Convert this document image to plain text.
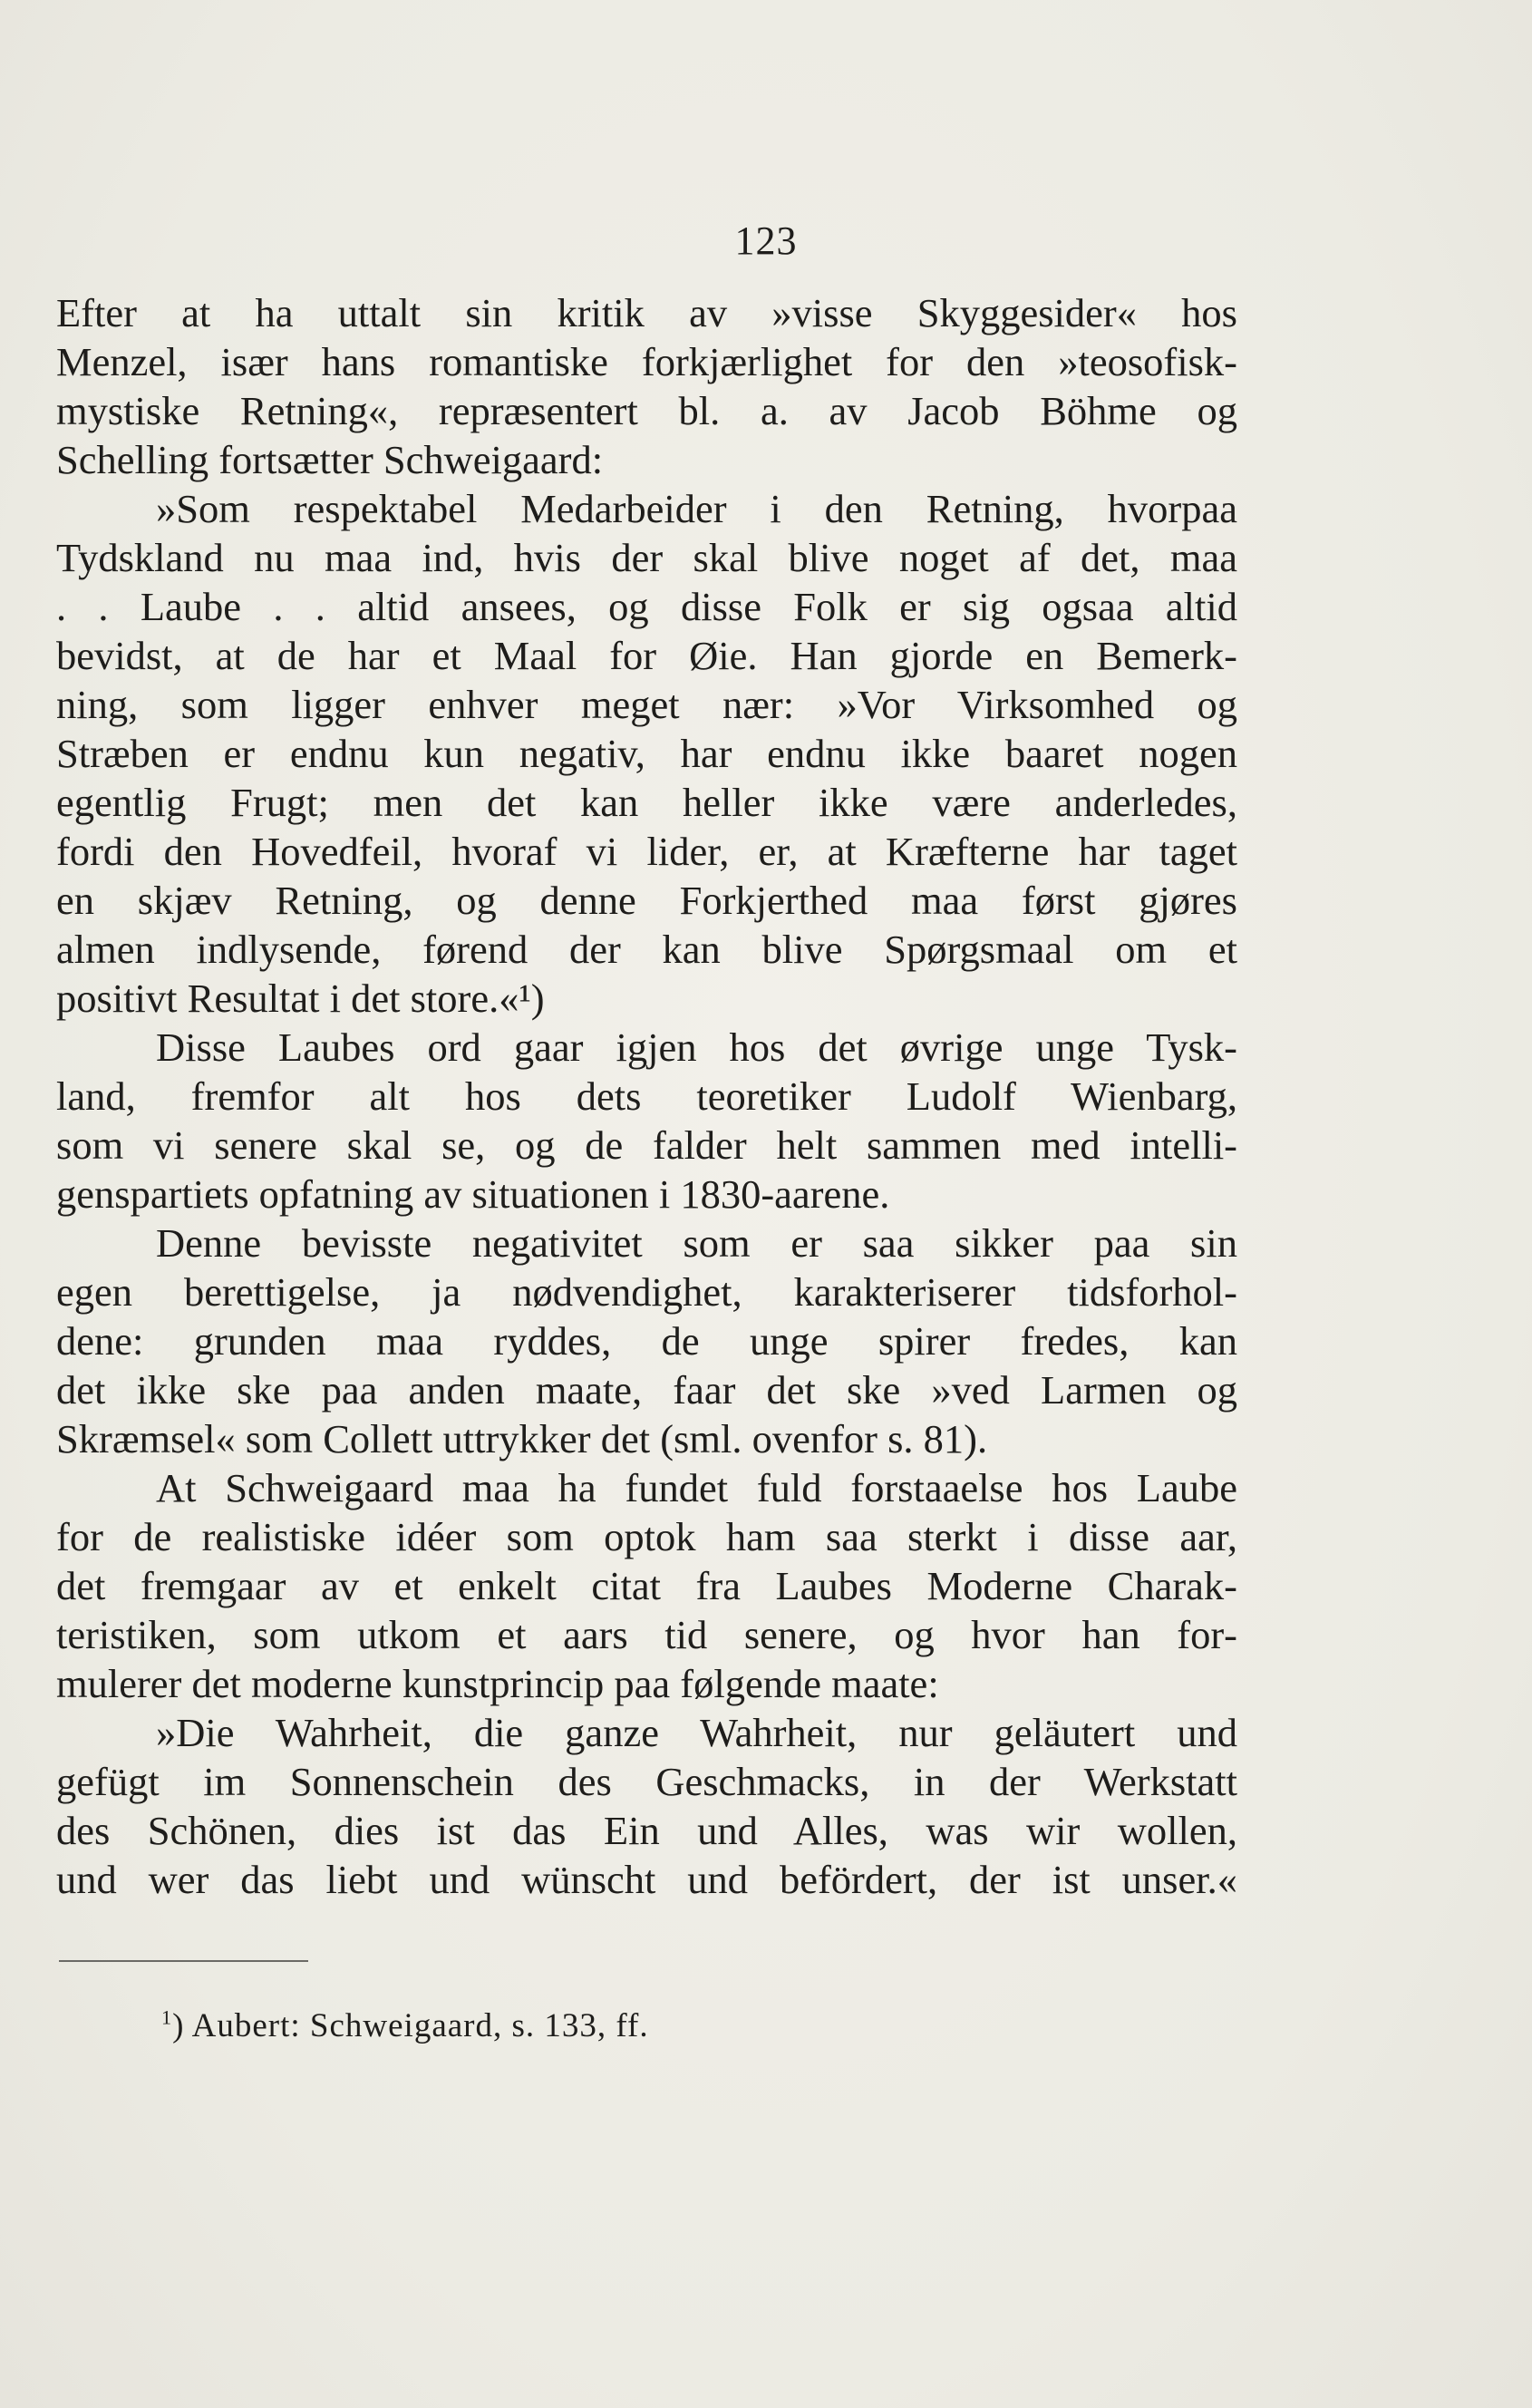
123
Efter at ha uttalt sin kritik av »visse Skyggesider« hos
Menzel, især hans romantiske forkjærlighet for den »teosofisk‐
mystiske Retning«, repræsentert bl. a. av Jacob Böhme og
Schelling fortsætter Schweigaard:
»Som respektabel Medarbeider i den Retning, hvorpaa
Tydskland nu maa ind, hvis der skal blive noget af det, maa
. . Laube . . altid ansees, og disse Folk er sig ogsaa altid
bevidst, at de har et Maal for Øie. Han gjorde en Bemerk‐
ning, som ligger enhver meget nær: »Vor Virksomhed og
Stræben er endnu kun negativ, har endnu ikke baaret nogen
egentlig Frugt; men det kan heller ikke være anderledes,
fordi den Hovedfeil, hvoraf vi lider, er, at Kræfterne har taget
en skjæv Retning, og denne Forkjerthed maa først gjøres
almen indlysende, førend der kan blive Spørgsmaal om et
positivt Resultat i det store.«¹)
Disse Laubes ord gaar igjen hos det øvrige unge Tysk‐
land, fremfor alt hos dets teoretiker Ludolf Wienbarg,
som vi senere skal se, og de falder helt sammen med intelli‐
genspartiets opfatning av situationen i 1830‐aarene.
Denne bevisste negativitet som er saa sikker paa sin
egen berettigelse, ja nødvendighet, karakteriserer tidsforhol‐
dene: grunden maa ryddes, de unge spirer fredes, kan
det ikke ske paa anden maate, faar det ske »ved Larmen og
Skræmsel« som Collett uttrykker det (sml. ovenfor s. 81).
At Schweigaard maa ha fundet fuld forstaaelse hos Laube
for de realistiske idéer som optok ham saa sterkt i disse aar,
det fremgaar av et enkelt citat fra Laubes Moderne Charak‐
teristiken, som utkom et aars tid senere, og hvor han for‐
mulerer det moderne kunstprincip paa følgende maate:
»Die Wahrheit, die ganze Wahrheit, nur geläutert und
gefügt im Sonnenschein des Geschmacks, in der Werkstatt
des Schönen, dies ist das Ein und Alles, was wir wollen,
und wer das liebt und wünscht und befördert, der ist unser.«
$^1$) Aubert: Schweigaard, s. 133, ff.
